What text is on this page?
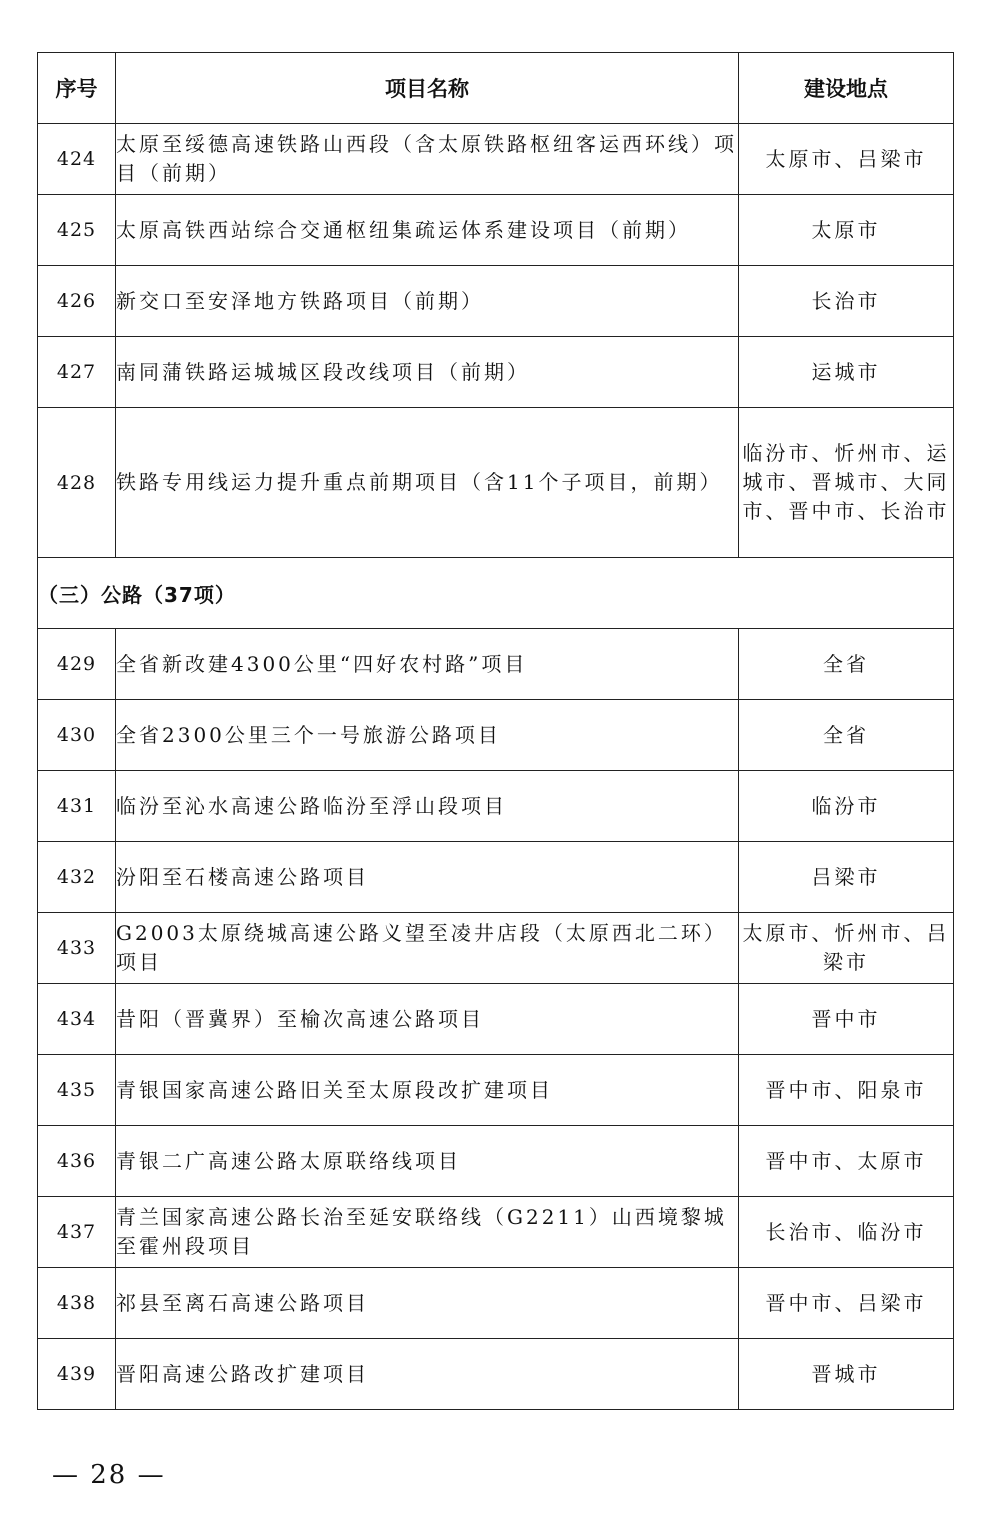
序号	项目名称	建设地点
424	太原至绥德高速铁路山西段（含太原铁路枢纽客运西环线）项目（前期）	太原市、吕梁市
425	太原高铁西站综合交通枢纽集疏运体系建设项目（前期）	太原市
426	新交口至安泽地方铁路项目（前期）	长治市
427	南同蒲铁路运城城区段改线项目（前期）	运城市
428	铁路专用线运力提升重点前期项目（含11个子项目，前期）	临汾市、忻州市、运城市、晋城市、大同市、晋中市、长治市
（三）公路（37项）		
429	全省新改建4300公里“四好农村路”项目	全省
430	全省2300公里三个一号旅游公路项目	全省
431	临汾至沁水高速公路临汾至浮山段项目	临汾市
432	汾阳至石楼高速公路项目	吕梁市
433	G2003太原绕城高速公路义望至凌井店段（太原西北二环）项目	太原市、忻州市、吕梁市
434	昔阳（晋冀界）至榆次高速公路项目	晋中市
435	青银国家高速公路旧关至太原段改扩建项目	晋中市、阳泉市
436	青银二广高速公路太原联络线项目	晋中市、太原市
437	青兰国家高速公路长治至延安联络线（G2211）山西境黎城至霍州段项目	长治市、临汾市
438	祁县至离石高速公路项目	晋中市、吕梁市
439	晋阳高速公路改扩建项目	晋城市
— 28 —
